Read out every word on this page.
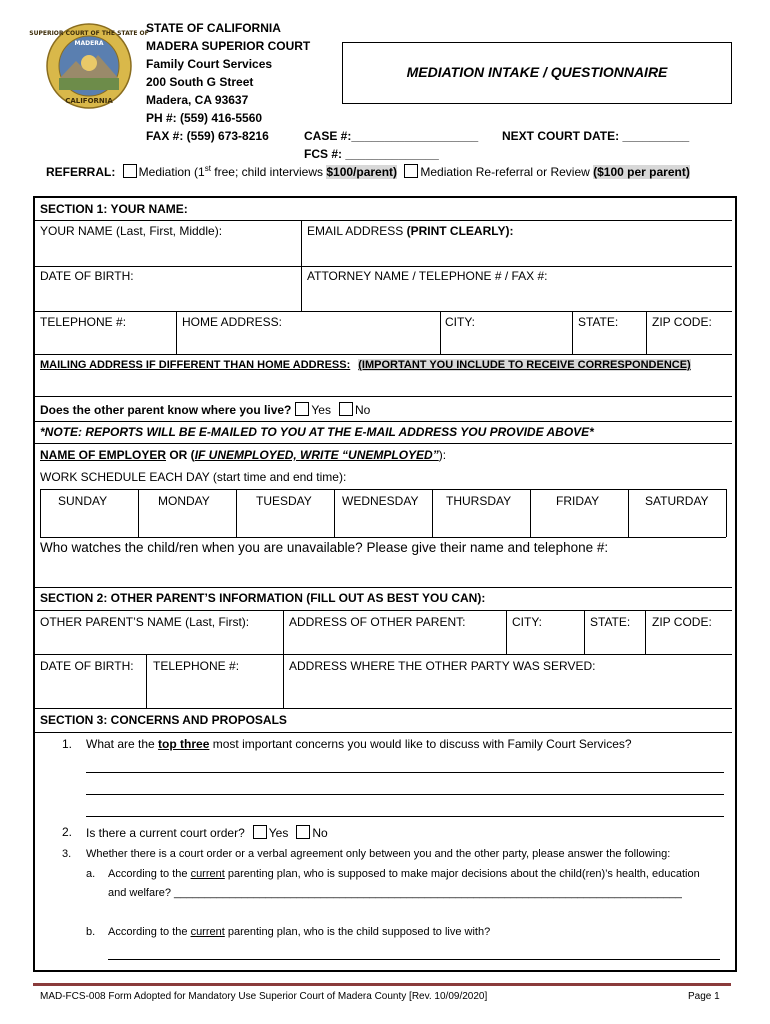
SUPERIOR COURT OF THE STATE OF
MADERA
CALIFORNIA
STATE OF CALIFORNIA
MADERA SUPERIOR COURT
Family Court Services
200 South G Street
Madera, CA 93637
PH #: (559) 416-5560
FAX #: (559) 673-8216
MEDIATION INTAKE / QUESTIONNAIRE
CASE #:___________________ NEXT COURT DATE: __________
FCS #: ______________
REFERRAL: Mediation (1st free; child interviews $100/parent) Mediation Re-referral or Review ($100 per parent)
SECTION 1: YOUR NAME:
YOUR NAME (Last, First, Middle):	EMAIL ADDRESS (PRINT CLEARLY):
DATE OF BIRTH:	ATTORNEY NAME / TELEPHONE # / FAX #:
TELEPHONE #:	HOME ADDRESS:	CITY:	STATE:	ZIP CODE:
MAILING ADDRESS IF DIFFERENT THAN HOME ADDRESS: (IMPORTANT YOU INCLUDE TO RECEIVE CORRESPONDENCE)
Does the other parent know where you live? Yes No
*NOTE: REPORTS WILL BE E-MAILED TO YOU AT THE E-MAIL ADDRESS YOU PROVIDE ABOVE*
NAME OF EMPLOYER OR (IF UNEMPLOYED, WRITE “UNEMPLOYED”):
WORK SCHEDULE EACH DAY (start time and end time):
SUNDAY	MONDAY	TUESDAY	WEDNESDAY THURSDAY	FRIDAY	SATURDAY
Who watches the child/ren when you are unavailable? Please give their name and telephone #:
SECTION 2: OTHER PARENT’S INFORMATION (FILL OUT AS BEST YOU CAN):
OTHER PARENT’S NAME (Last, First):	ADDRESS OF OTHER PARENT:	CITY:	STATE: ZIP CODE:
DATE OF BIRTH: TELEPHONE #:	ADDRESS WHERE THE OTHER PARTY WAS SERVED:
SECTION 3: CONCERNS AND PROPOSALS
1. What are the top three most important concerns you would like to discuss with Family Court Services?
2. Is there a current court order? Yes No
3. Whether there is a court order or a verbal agreement only between you and the other party, please answer the following:
a. According to the current parenting plan, who is supposed to make major decisions about the child(ren)’s health, education
and welfare? ___________________________________________________________________________________
b. According to the current parenting plan, who is the child supposed to live with?
MAD-FCS-008 Form Adopted for Mandatory Use Superior Court of Madera County [Rev. 10/09/2020]	Page 1
